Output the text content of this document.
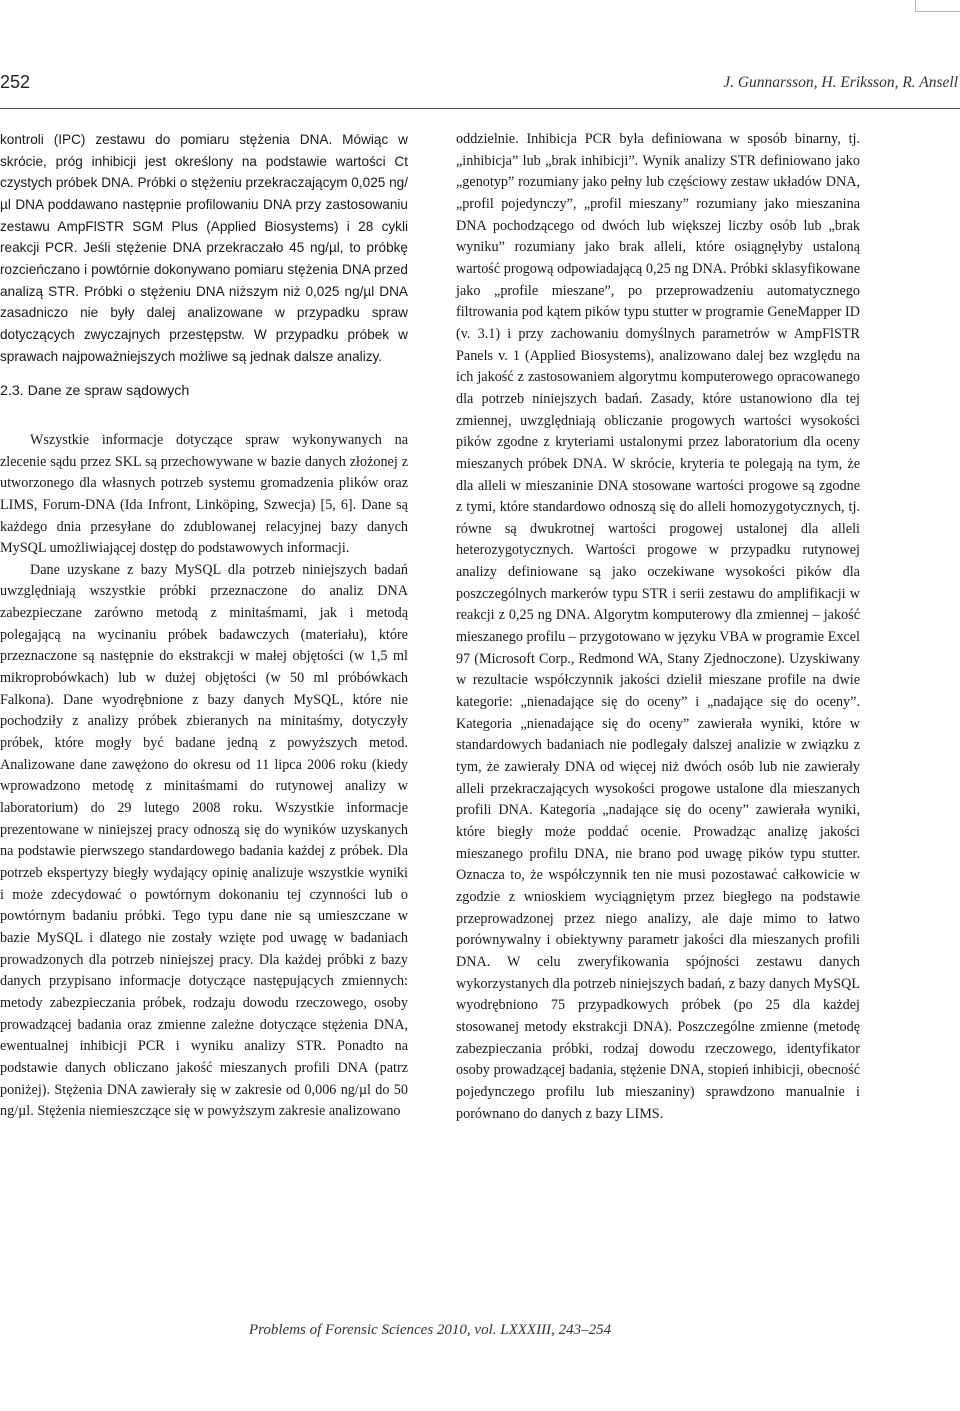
252	J. Gunnarsson, H. Eriksson, R. Ansell

kontroli (IPC) zestawu do pomiaru stężenia DNA. Mówiąc w skrócie, próg inhibicji jest określony na podstawie wartości Ct czystych próbek DNA. Próbki o stężeniu przekraczającym 0,025 ng/µl DNA poddawano następnie profilowaniu DNA przy zastosowaniu zestawu AmpFlSTR SGM Plus (Applied Biosystems) i 28 cykli reakcji PCR. Jeśli stężenie DNA przekraczało 45 ng/µl, to próbkę rozcieńczano i powtórnie dokonywano pomiaru stężenia DNA przed analizą STR. Próbki o stężeniu DNA niższym niż 0,025 ng/µl DNA zasadniczo nie były dalej analizowane w przypadku spraw dotyczących zwyczajnych przestępstw. W przypadku próbek w sprawach najpoważniejszych możliwe są jednak dalsze analizy.

2.3. Dane ze spraw sądowych

Wszystkie informacje dotyczące spraw wykonywanych na zlecenie sądu przez SKL są przechowywane w bazie danych złożonej z utworzonego dla własnych potrzeb systemu gromadzenia plików oraz LIMS, Forum-DNA (Ida Infront, Linköping, Szwecja) [5, 6]. Dane są każdego dnia przesyłane do zdublowanej relacyjnej bazy danych MySQL umożliwiającej dostęp do podstawowych informacji.

Dane uzyskane z bazy MySQL dla potrzeb niniejszych badań uwzględniają wszystkie próbki przeznaczone do analiz DNA zabezpieczane zarówno metodą z minitaśmami, jak i metodą polegającą na wycinaniu próbek badawczych (materiału), które przeznaczone są następnie do ekstrakcji w małej objętości (w 1,5 ml mikroprobówkach) lub w dużej objętości (w 50 ml próbówkach Falkona). Dane wyodrębnione z bazy danych MySQL, które nie pochodziły z analizy próbek zbieranych na minitaśmy, dotyczyły próbek, które mogły być badane jedną z powyższych metod. Analizowane dane zawężono do okresu od 11 lipca 2006 roku (kiedy wprowadzono metodę z minitaśmami do rutynowej analizy w laboratorium) do 29 lutego 2008 roku. Wszystkie informacje prezentowane w niniejszej pracy odnoszą się do wyników uzyskanych na podstawie pierwszego standardowego badania każdej z próbek. Dla potrzeb ekspertyzy biegły wydający opinię analizuje wszystkie wyniki i może zdecydować o powtórnym dokonaniu tej czynności lub o powtórnym badaniu próbki. Tego typu dane nie są umieszczane w bazie MySQL i dlatego nie zostały wzięte pod uwagę w badaniach prowadzonych dla potrzeb niniejszej pracy. Dla każdej próbki z bazy danych przypisano informacje dotyczące następujących zmiennych: metody zabezpieczania próbek, rodzaju dowodu rzeczowego, osoby prowadzącej badania oraz zmienne zależne dotyczące stężenia DNA, ewentualnej inhibicji PCR i wyniku analizy STR. Ponadto na podstawie danych obliczano jakość mieszanych profili DNA (patrz poniżej). Stężenia DNA zawierały się w zakresie od 0,006 ng/µl do 50 ng/µl. Stężenia niemieszczące się w powyższym zakresie analizowano

oddzielnie. Inhibicja PCR była definiowana w sposób binarny, tj. „inhibicja” lub „brak inhibicji”. Wynik analizy STR definiowano jako „genotyp” rozumiany jako pełny lub częściowy zestaw układów DNA, „profil pojedynczy”, „profil mieszany” rozumiany jako mieszanina DNA pochodzącego od dwóch lub większej liczby osób lub „brak wyniku” rozumiany jako brak alleli, które osiągnęłyby ustaloną wartość progową odpowiadającą 0,25 ng DNA. Próbki sklasyfikowane jako „profile mieszane”, po przeprowadzeniu automatycznego filtrowania pod kątem pików typu stutter w programie GeneMapper ID (v. 3.1) i przy zachowaniu domyślnych parametrów w AmpFlSTR Panels v. 1 (Applied Biosystems), analizowano dalej bez względu na ich jakość z zastosowaniem algorytmu komputerowego opracowanego dla potrzeb niniejszych badań. Zasady, które ustanowiono dla tej zmiennej, uwzględniają obliczanie progowych wartości wysokości pików zgodne z kryteriami ustalonymi przez laboratorium dla oceny mieszanych próbek DNA. W skrócie, kryteria te polegają na tym, że dla alleli w mieszaninie DNA stosowane wartości progowe są zgodne z tymi, które standardowo odnoszą się do alleli homozygotycznych, tj. równe są dwukrotnej wartości progowej ustalonej dla alleli heterozygotycznych. Wartości progowe w przypadku rutynowej analizy definiowane są jako oczekiwane wysokości pików dla poszczególnych markerów typu STR i serii zestawu do amplifikacji w reakcji z 0,25 ng DNA. Algorytm komputerowy dla zmiennej – jakość mieszanego profilu – przygotowano w języku VBA w programie Excel 97 (Microsoft Corp., Redmond WA, Stany Zjednoczone). Uzyskiwany w rezultacie współczynnik jakości dzielił mieszane profile na dwie kategorie: „nienadające się do oceny” i „nadające się do oceny”. Kategoria „nienadające się do oceny” zawierała wyniki, które w standardowych badaniach nie podlegały dalszej analizie w związku z tym, że zawierały DNA od więcej niż dwóch osób lub nie zawierały alleli przekraczających wysokości progowe ustalone dla mieszanych profili DNA. Kategoria „nadające się do oceny” zawierała wyniki, które biegły może poddać ocenie. Prowadząc analizę jakości mieszanego profilu DNA, nie brano pod uwagę pików typu stutter. Oznacza to, że współczynnik ten nie musi pozostawać całkowicie w zgodzie z wnioskiem wyciągniętym przez biegłego na podstawie przeprowadzonej przez niego analizy, ale daje mimo to łatwo porównywalny i obiektywny parametr jakości dla mieszanych profili DNA. W celu zweryfikowania spójności zestawu danych wykorzystanych dla potrzeb niniejszych badań, z bazy danych MySQL wyodrębniono 75 przypadkowych próbek (po 25 dla każdej stosowanej metody ekstrakcji DNA). Poszczególne zmienne (metodę zabezpieczania próbki, rodzaj dowodu rzeczowego, identyfikator osoby prowadzącej badania, stężenie DNA, stopień inhibicji, obecność pojedynczego profilu lub mieszaniny) sprawdzono manualnie i porównano do danych z bazy LIMS.

Problems of Forensic Sciences 2010, vol. LXXXIII, 243–254
